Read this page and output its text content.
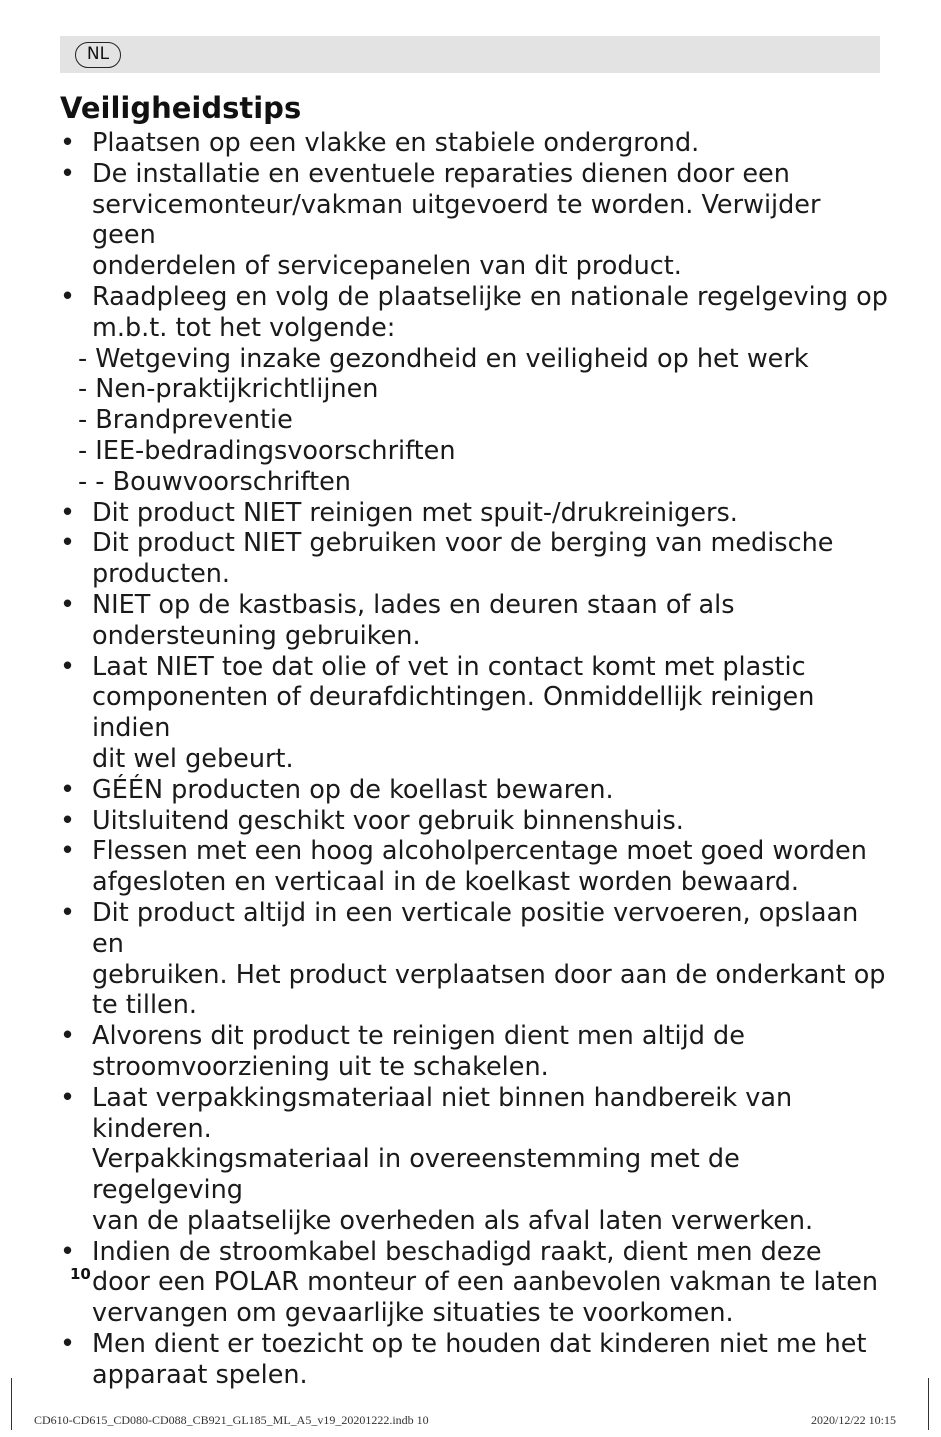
NL
Veiligheidstips
• Plaatsen op een vlakke en stabiele ondergrond.
• De installatie en eventuele reparaties dienen door een
servicemonteur/vakman uitgevoerd te worden. Verwijder geen
onderdelen of servicepanelen van dit product.
• Raadpleeg en volg de plaatselijke en nationale regelgeving op
m.b.t. tot het volgende:
- Wetgeving inzake gezondheid en veiligheid op het werk
- Nen-praktijkrichtlijnen
- Brandpreventie
- IEE-bedradingsvoorschriften
- - Bouwvoorschriften
• Dit product NIET reinigen met spuit-/drukreinigers.
• Dit product NIET gebruiken voor de berging van medische
producten.
• NIET op de kastbasis, lades en deuren staan of als
ondersteuning gebruiken.
• Laat NIET toe dat olie of vet in contact komt met plastic
componenten of deurafdichtingen. Onmiddellijk reinigen indien
dit wel gebeurt.
• GÉÉN producten op de koellast bewaren.
• Uitsluitend geschikt voor gebruik binnenshuis.
• Flessen met een hoog alcoholpercentage moet goed worden
afgesloten en verticaal in de koelkast worden bewaard.
• Dit product altijd in een verticale positie vervoeren, opslaan en
gebruiken. Het product verplaatsen door aan de onderkant op
te tillen.
• Alvorens dit product te reinigen dient men altijd de
stroomvoorziening uit te schakelen.
• Laat verpakkingsmateriaal niet binnen handbereik van kinderen.
Verpakkingsmateriaal in overeenstemming met de regelgeving
van de plaatselijke overheden als afval laten verwerken.
• Indien de stroomkabel beschadigd raakt, dient men deze
door een POLAR monteur of een aanbevolen vakman te laten
vervangen om gevaarlijke situaties te voorkomen.
• Men dient er toezicht op te houden dat kinderen niet me het
apparaat spelen.
10
CD610-CD615_CD080-CD088_CB921_GL185_ML_A5_v19_20201222.indb 10	2020/12/22 10:15
